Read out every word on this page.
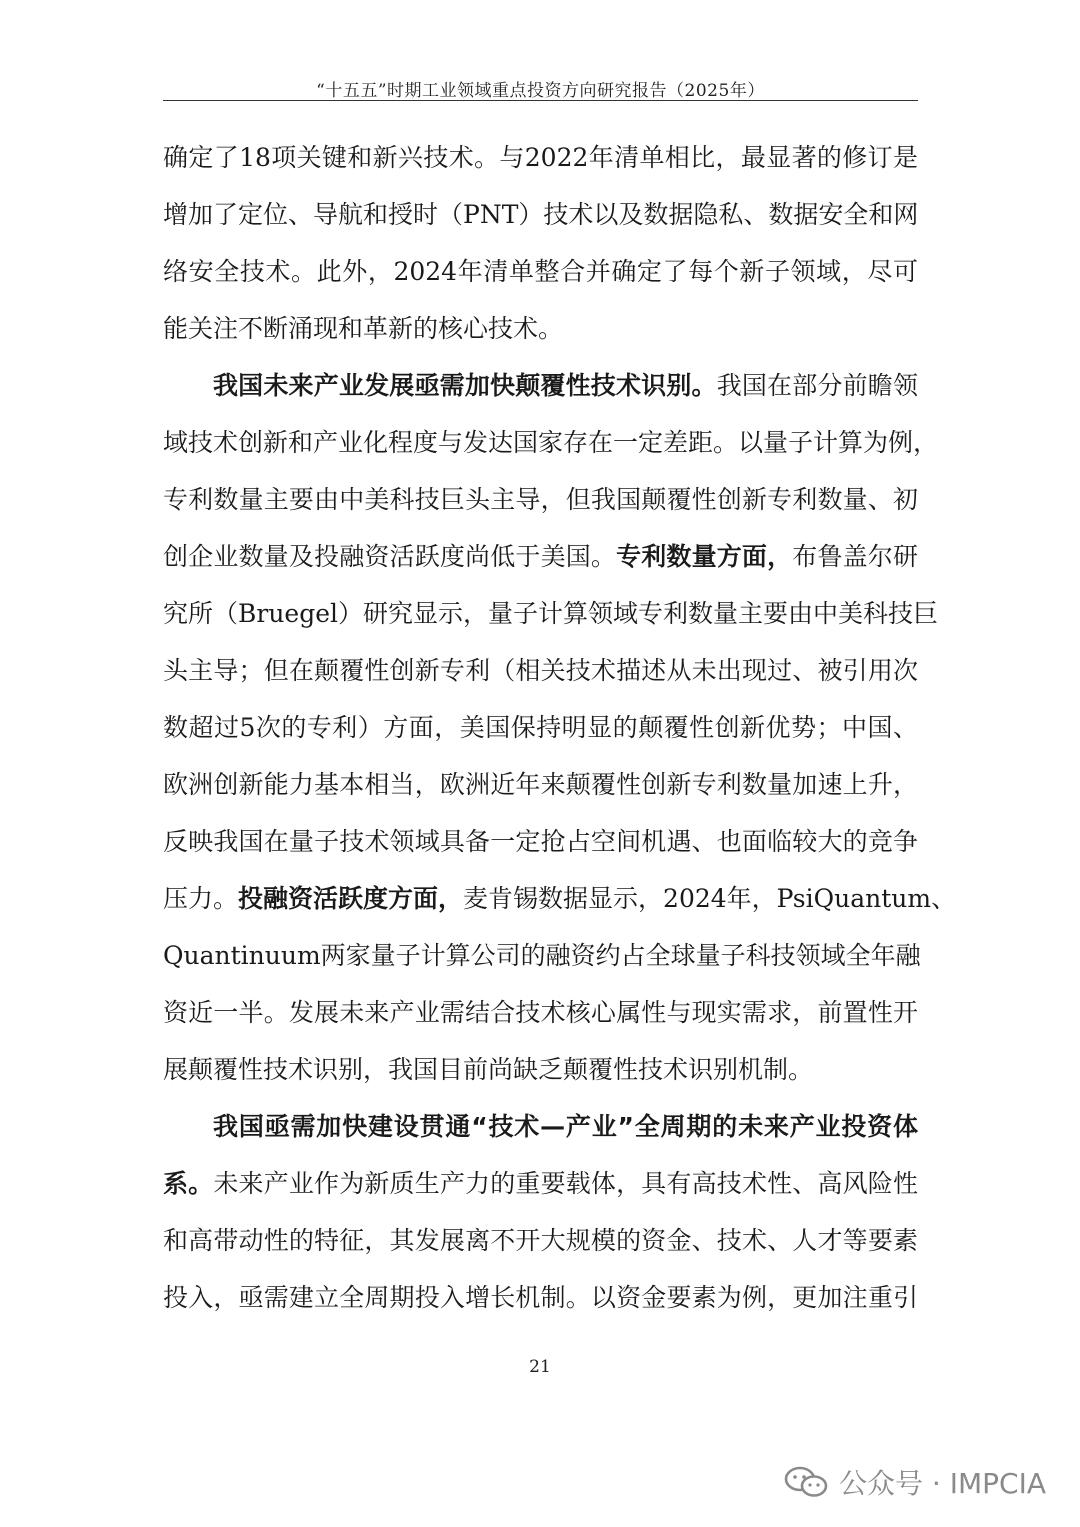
“十五五”时期工业领域重点投资方向研究报告（2025年）
确定了18项关键和新兴技术。与2022年清单相比，最显著的修订是
增加了定位、导航和授时（PNT）技术以及数据隐私、数据安全和网
络安全技术。此外，2024年清单整合并确定了每个新子领域，尽可
能关注不断涌现和革新的核心技术。
我国未来产业发展亟需加快颠覆性技术识别。我国在部分前瞻领
域技术创新和产业化程度与发达国家存在一定差距。以量子计算为例，
专利数量主要由中美科技巨头主导，但我国颠覆性创新专利数量、初
创企业数量及投融资活跃度尚低于美国。专利数量方面，布鲁盖尔研
究所（Bruegel）研究显示，量子计算领域专利数量主要由中美科技巨
头主导；但在颠覆性创新专利（相关技术描述从未出现过、被引用次
数超过5次的专利）方面，美国保持明显的颠覆性创新优势；中国、
欧洲创新能力基本相当，欧洲近年来颠覆性创新专利数量加速上升，
反映我国在量子技术领域具备一定抢占空间机遇、也面临较大的竞争
压力。投融资活跃度方面，麦肯锡数据显示，2024年，PsiQuantum、
Quantinuum两家量子计算公司的融资约占全球量子科技领域全年融
资近一半。发展未来产业需结合技术核心属性与现实需求，前置性开
展颠覆性技术识别，我国目前尚缺乏颠覆性技术识别机制。
我国亟需加快建设贯通“技术—产业”全周期的未来产业投资体
系。未来产业作为新质生产力的重要载体，具有高技术性、高风险性
和高带动性的特征，其发展离不开大规模的资金、技术、人才等要素
投入，亟需建立全周期投入增长机制。以资金要素为例，更加注重引
21
公众号 · IMPCIA
